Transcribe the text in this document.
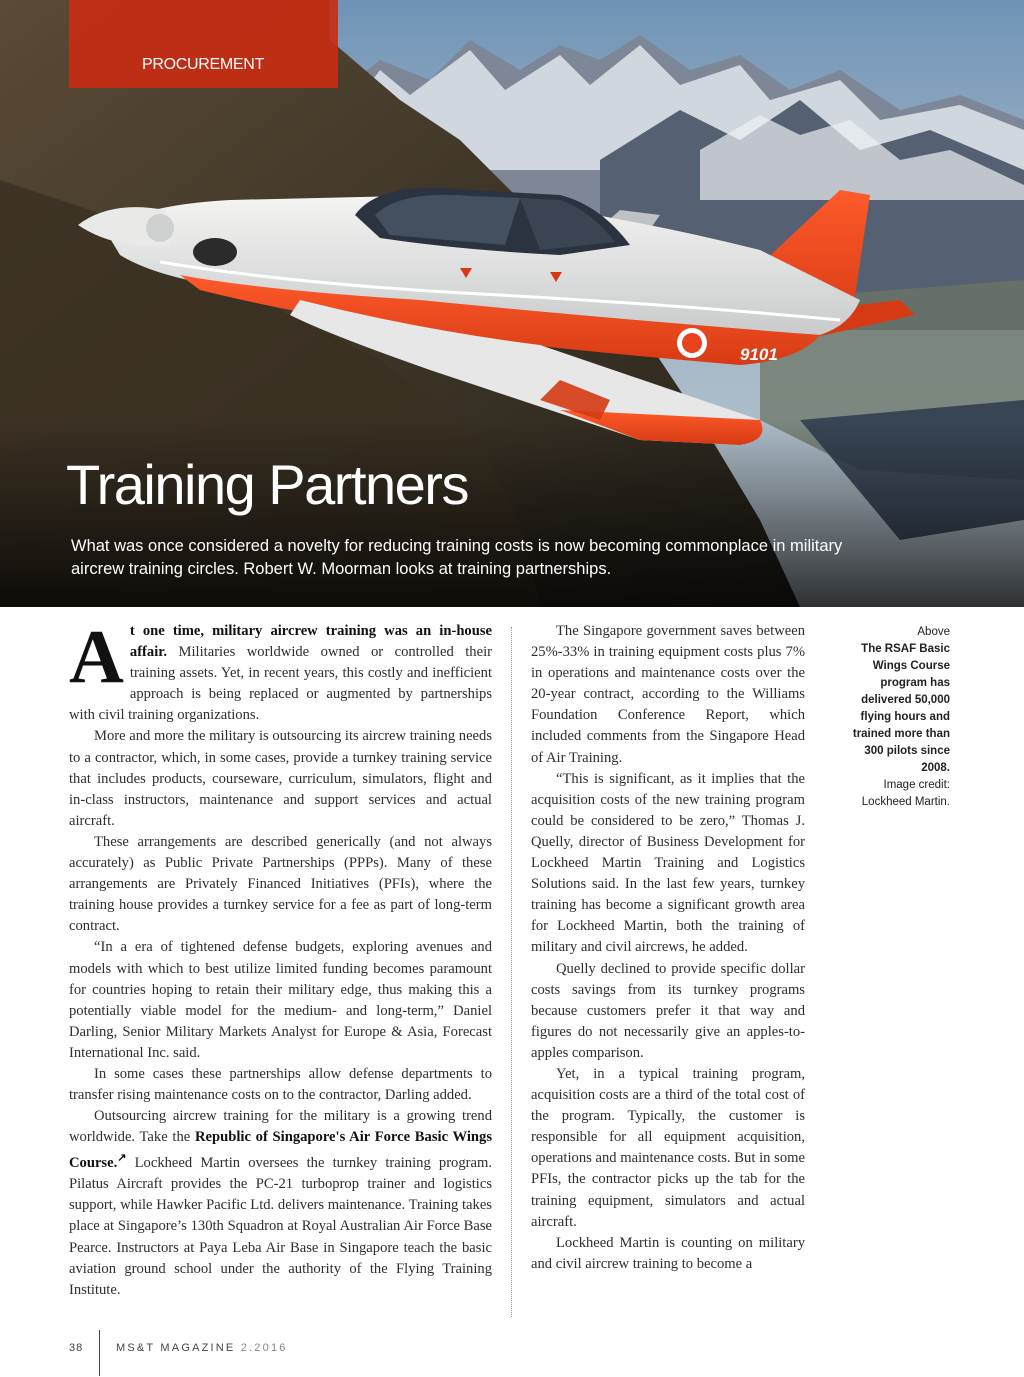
9101
PROCUREMENT
Training Partners
What was once considered a novelty for reducing training costs is now becoming commonplace in military aircrew training circles. Robert W. Moorman looks at training partnerships.

At one time, military aircrew training was an in-house affair. Militaries worldwide owned or controlled their training assets. Yet, in recent years, this costly and inefficient approach is being replaced or augmented by partnerships with civil training organizations.

More and more the military is outsourcing its aircrew training needs to a contractor, which, in some cases, provide a turnkey training service that includes products, courseware, curriculum, simulators, flight and in-class instructors, maintenance and support services and actual aircraft.

These arrangements are described generically (and not always accurately) as Public Private Partnerships (PPPs). Many of these arrangements are Privately Financed Initiatives (PFIs), where the training house provides a turnkey service for a fee as part of long-term contract.

“In a era of tightened defense budgets, exploring avenues and models with which to best utilize limited funding becomes paramount for countries hoping to retain their military edge, thus making this a potentially viable model for the medium- and long-term,” Daniel Darling, Senior Military Markets Analyst for Europe & Asia, Forecast International Inc. said.

In some cases these partnerships allow defense departments to transfer rising maintenance costs on to the contractor, Darling added.

Outsourcing aircrew training for the military is a growing trend worldwide. Take the Republic of Singapore's Air Force Basic Wings Course.↗ Lockheed Martin oversees the turnkey training program. Pilatus Aircraft provides the PC-21 turboprop trainer and logistics support, while Hawker Pacific Ltd. delivers maintenance. Training takes place at Singapore’s 130th Squadron at Royal Australian Air Force Base Pearce. Instructors at Paya Leba Air Base in Singapore teach the basic aviation ground school under the authority of the Flying Training Institute.

The Singapore government saves between 25%-33% in training equipment costs plus 7% in operations and maintenance costs over the 20-year contract, according to the Williams Foundation Conference Report, which included comments from the Singapore Head of Air Training.

“This is significant, as it implies that the acquisition costs of the new training program could be considered to be zero,” Thomas J. Quelly, director of Business Development for Lockheed Martin Training and Logistics Solutions said. In the last few years, turnkey training has become a significant growth area for Lockheed Martin, both the training of military and civil aircrews, he added.

Quelly declined to provide specific dollar costs savings from its turnkey programs because customers prefer it that way and figures do not necessarily give an apples-to-apples comparison.

Yet, in a typical training program, acquisition costs are a third of the total cost of the program. Typically, the customer is responsible for all equipment acquisition, operations and maintenance costs. But in some PFIs, the contractor picks up the tab for the training equipment, simulators and actual aircraft.

Lockheed Martin is counting on military and civil aircrew training to become a

Above
The RSAF Basic Wings Course program has delivered 50,000 flying hours and trained more than 300 pilots since 2008.
Image credit: Lockheed Martin.
38	MS&T MAGAZINE 2.2016
